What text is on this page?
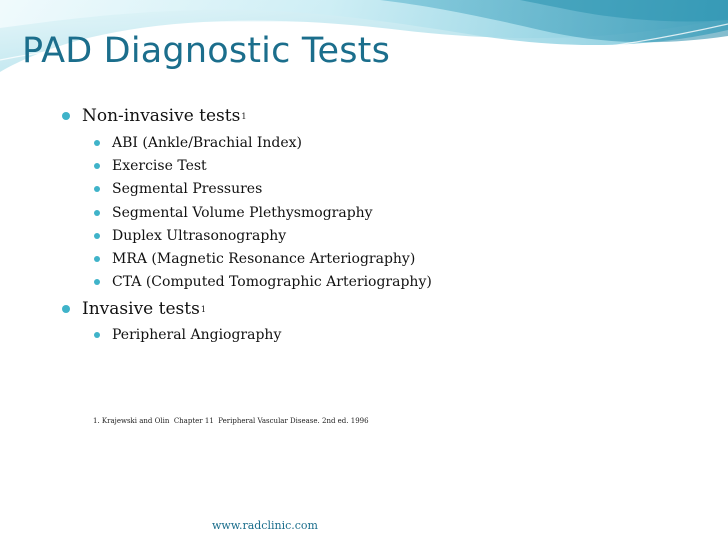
PAD Diagnostic Tests
Non-invasive tests 1
ABI (Ankle/Brachial Index)
Exercise Test
Segmental Pressures
Segmental Volume Plethysmography
Duplex Ultrasonography
MRA (Magnetic Resonance Arteriography)
CTA (Computed Tomographic Arteriography)
Invasive tests 1
Peripheral Angiography
1. Krajewski and Olin  Chapter 11  Peripheral Vascular Disease. 2nd ed. 1996
www.radclinic.com
